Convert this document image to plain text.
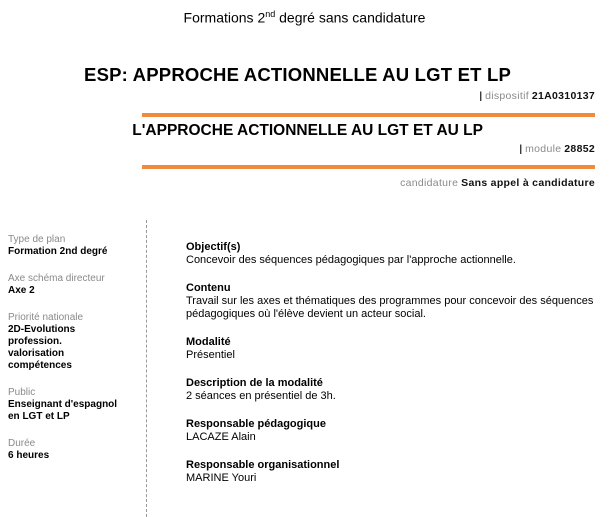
Formations 2nd degré sans candidature
ESP: APPROCHE ACTIONNELLE AU LGT ET LP
| dispositif 21A0310137
L'APPROCHE ACTIONNELLE AU LGT ET AU LP
| module 28852
candidature Sans appel à candidature
Type de plan
Formation 2nd degré
Axe schéma directeur
Axe 2
Priorité nationale
2D-Evolutions profession. valorisation compétences
Public
Enseignant d'espagnol en LGT et LP
Durée
6 heures
Objectif(s)
Concevoir des séquences pédagogiques par l'approche actionnelle.
Contenu
Travail sur les axes et thématiques des programmes pour concevoir des séquences pédagogiques où l'élève devient un acteur social.
Modalité
Présentiel
Description de la modalité
2 séances en présentiel de 3h.
Responsable pédagogique
LACAZE Alain
Responsable organisationnel
MARINE Youri
